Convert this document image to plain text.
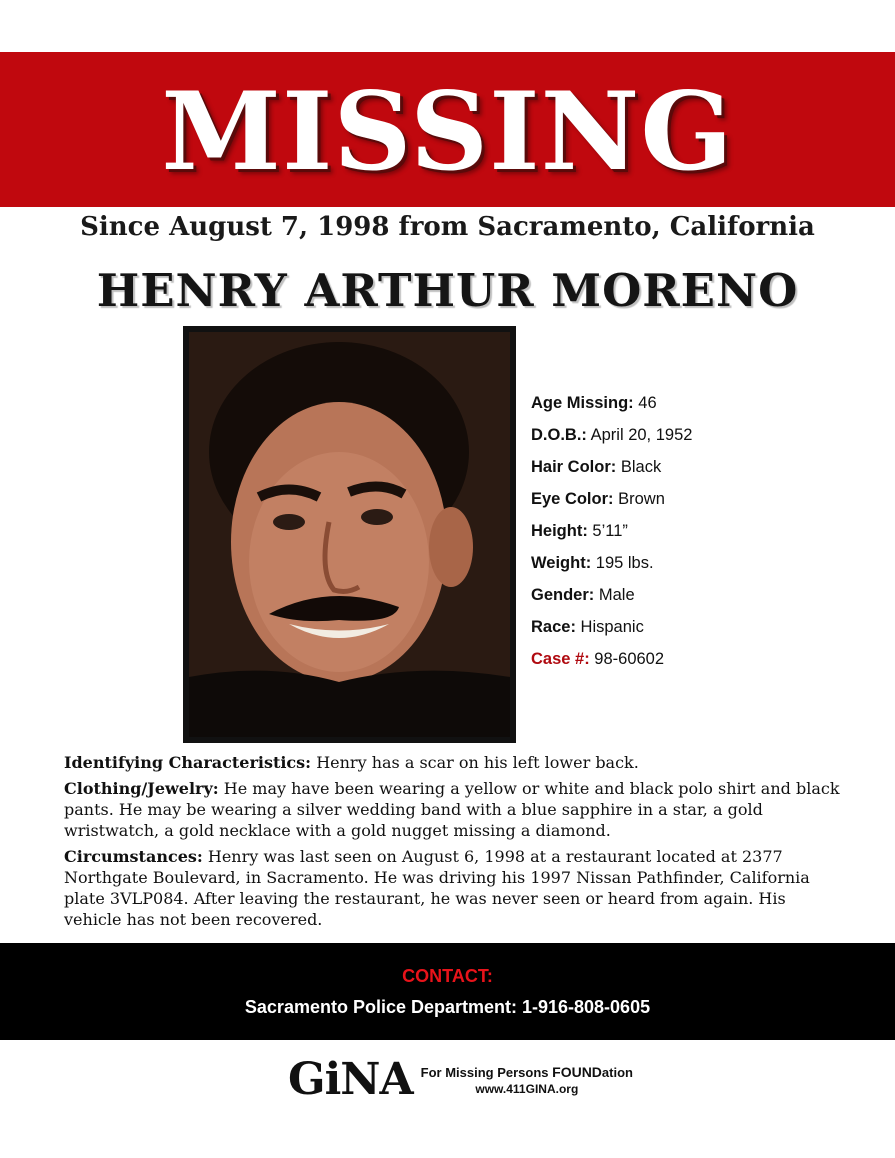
MISSING
Since August 7, 1998 from Sacramento, California
HENRY ARTHUR MORENO
Age Missing: 46
D.O.B.: April 20, 1952
Hair Color: Black
Eye Color: Brown
Height: 5’11”
Weight: 195 lbs.
Gender: Male
Race: Hispanic
Case #: 98-60602

Identifying Characteristics: Henry has a scar on his left lower back.

Clothing/Jewelry: He may have been wearing a yellow or white and black polo shirt and black pants. He may be wearing a silver wedding band with a blue sapphire in a star, a gold wristwatch, a gold necklace with a gold nugget missing a diamond.

Circumstances: Henry was last seen on August 6, 1998 at a restaurant located at 2377 Northgate Boulevard, in Sacramento. He was driving his 1997 Nissan Pathfinder, California plate 3VLP084. After leaving the restaurant, he was never seen or heard from again. His vehicle has not been recovered.

CONTACT:
Sacramento Police Department: 1-916-808-0605
GiNA For Missing Persons FOUNDation
www.411GINA.org
